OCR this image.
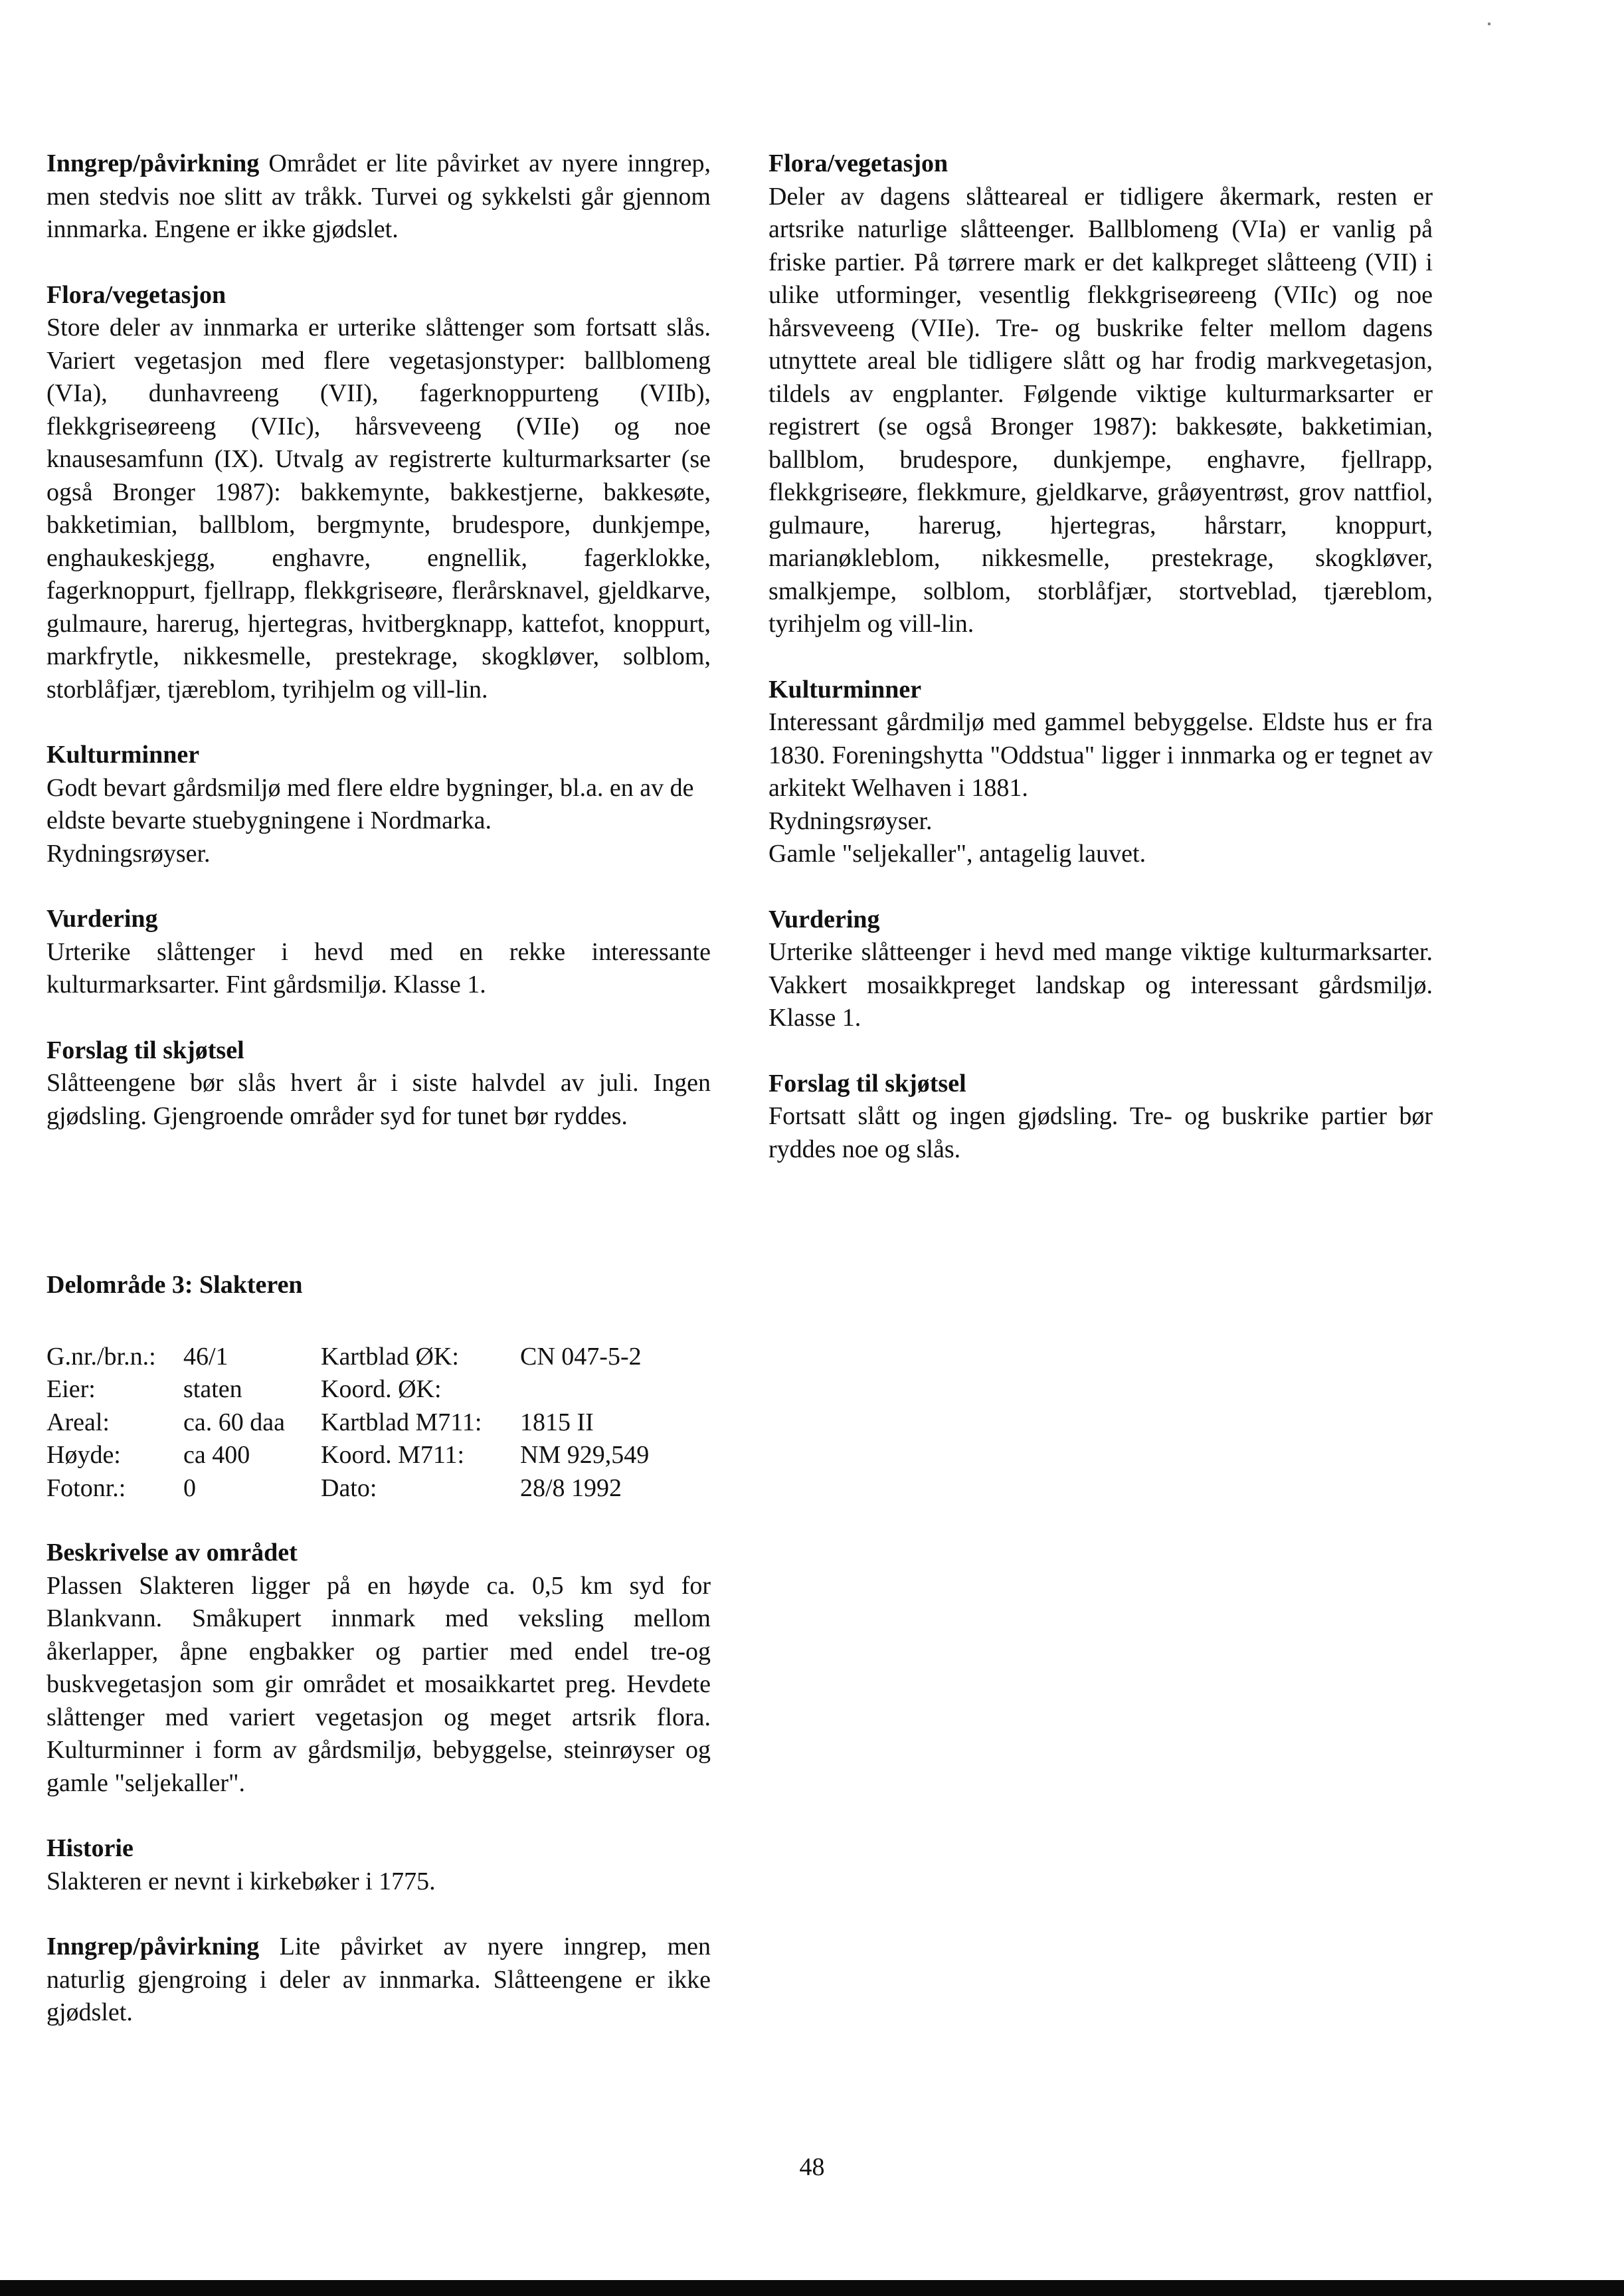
Inngrep/påvirkning Området er lite påvirket av nyere inngrep, men stedvis noe slitt av tråkk. Turvei og sykkelsti går gjennom innmarka. Engene er ikke gjødslet.

Flora/vegetasjon

Store deler av innmarka er urterike slåttenger som fortsatt slås. Variert vegetasjon med flere vegetasjonstyper: ballblomeng (VIa), dunhavreeng (VII), fagerknoppurteng (VIIb), flekkgriseøreeng (VIIc), hårsveveeng (VIIe) og noe knausesamfunn (IX). Utvalg av registrerte kulturmarksarter (se også Bronger 1987): bakkemynte, bakkestjerne, bakkesøte, bakketimian, ballblom, bergmynte, brudespore, dunkjempe, enghaukeskjegg, enghavre, engnellik, fagerklokke, fagerknoppurt, fjellrapp, flekkgriseøre, flerårsknavel, gjeldkarve, gulmaure, harerug, hjertegras, hvitbergknapp, kattefot, knoppurt, markfrytle, nikkesmelle, prestekrage, skogkløver, solblom, storblåfjær, tjæreblom, tyrihjelm og vill-lin.

Kulturminner
Godt bevart gårdsmiljø med flere eldre bygninger, bl.a. en av de eldste bevarte stuebygningene i Nordmarka.
Rydningsrøyser.
Vurdering

Urterike slåttenger i hevd med en rekke interessante kulturmarksarter. Fint gårdsmiljø. Klasse 1.

Forslag til skjøtsel

Slåtteengene bør slås hvert år i siste halvdel av juli. Ingen gjødsling. Gjengroende områder syd for tunet bør ryddes.

Flora/vegetasjon

Deler av dagens slåtteareal er tidligere åkermark, resten er artsrike naturlige slåtteenger. Ballblomeng (VIa) er vanlig på friske partier. På tørrere mark er det kalkpreget slåtteeng (VII) i ulike utforminger, vesentlig flekkgriseøreeng (VIIc) og noe hårsveveeng (VIIe). Tre- og buskrike felter mellom dagens utnyttete areal ble tidligere slått og har frodig markvegetasjon, tildels av engplanter. Følgende viktige kulturmarksarter er registrert (se også Bronger 1987): bakkesøte, bakketimian, ballblom, brudespore, dunkjempe, enghavre, fjellrapp, flekkgriseøre, flekkmure, gjeldkarve, gråøyentrøst, grov nattfiol, gulmaure, harerug, hjertegras, hårstarr, knoppurt, marianøkleblom, nikkesmelle, prestekrage, skogkløver, smalkjempe, solblom, storblåfjær, stortveblad, tjæreblom, tyrihjelm og vill-lin.

Kulturminner

Interessant gårdmiljø med gammel bebyggelse. Eldste hus er fra 1830. Foreningshytta "Oddstua" ligger i innmarka og er tegnet av arkitekt Welhaven i 1881.

Rydningsrøyser.
Gamle "seljekaller", antagelig lauvet.
Vurdering

Urterike slåtteenger i hevd med mange viktige kulturmarksarter. Vakkert mosaikkpreget landskap og interessant gårdsmiljø. Klasse 1.

Forslag til skjøtsel

Fortsatt slått og ingen gjødsling. Tre- og buskrike partier bør ryddes noe og slås.

Delområde 3: Slakteren
G.nr./br.n.:	46/1	Kartblad ØK:	CN 047-5-2
Eier:	staten	Koord. ØK:	
Areal:	ca. 60 daa	Kartblad M711:	1815 II
Høyde:	ca 400	Koord. M711:	NM 929,549
Fotonr.:	0	Dato:	28/8 1992
Beskrivelse av området

Plassen Slakteren ligger på en høyde ca. 0,5 km syd for Blankvann. Småkupert innmark med veksling mellom åkerlapper, åpne engbakker og partier med endel tre-og buskvegetasjon som gir området et mosaikkartet preg. Hevdete slåttenger med variert vegetasjon og meget artsrik flora. Kulturminner i form av gårdsmiljø, bebyggelse, steinrøyser og gamle "seljekaller".

Historie

Slakteren er nevnt i kirkebøker i 1775.

Inngrep/påvirkning Lite påvirket av nyere inngrep, men naturlig gjengroing i deler av innmarka. Slåtteengene er ikke gjødslet.

48
